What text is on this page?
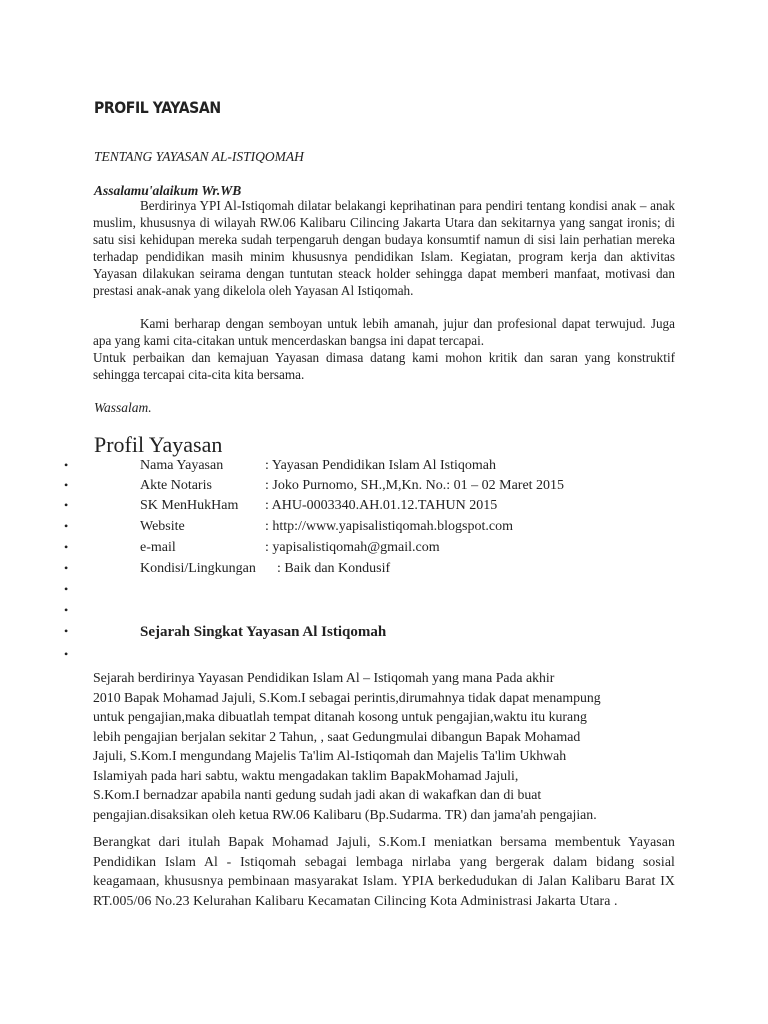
PROFIL YAYASAN
TENTANG YAYASAN AL-ISTIQOMAH
Assalamu'alaikum Wr.WB

Berdirinya YPI Al-Istiqomah dilatar belakangi keprihatinan para pendiri tentang kondisi anak – anak muslim, khususnya di wilayah RW.06 Kalibaru Cilincing Jakarta Utara dan sekitarnya yang sangat ironis; di satu sisi kehidupan mereka sudah terpengaruh dengan budaya konsumtif namun di sisi lain perhatian mereka terhadap pendidikan masih minim khususnya pendidikan Islam. Kegiatan, program kerja dan aktivitas Yayasan dilakukan seirama dengan tuntutan steack holder sehingga dapat memberi manfaat, motivasi dan prestasi anak-anak yang dikelola oleh Yayasan Al Istiqomah.

Kami berharap dengan semboyan untuk lebih amanah, jujur dan profesional dapat terwujud. Juga apa yang kami cita-citakan untuk mencerdaskan bangsa ini dapat tercapai.

Untuk perbaikan dan kemajuan Yayasan dimasa datang kami mohon kritik dan saran yang konstruktif sehingga tercapai cita-cita kita bersama.

Wassalam.
Profil Yayasan
•	Nama Yayasan	: Yayasan Pendidikan Islam Al Istiqomah
•	Akte Notaris	: Joko Purnomo, SH.,M,Kn. No.: 01 – 02 Maret 2015
•	SK MenHukHam : AHU-0003340.AH.01.12.TAHUN 2015
•	Website	: http://www.yapisalistiqomah.blogspot.com
•	e-mail	: yapisalistiqomah@gmail.com
•	Kondisi/Lingkungan : Baik dan Kondusif
•
•
•	Sejarah Singkat Yayasan Al Istiqomah
•
Sejarah berdirinya Yayasan Pendidikan Islam Al – Istiqomah yang mana Pada akhir
2010 Bapak Mohamad Jajuli, S.Kom.I sebagai perintis,dirumahnya tidak dapat menampung
untuk pengajian,maka dibuatlah tempat ditanah kosong untuk pengajian,waktu itu kurang
lebih pengajian berjalan sekitar 2 Tahun, , saat Gedungmulai dibangun Bapak Mohamad
Jajuli, S.Kom.I mengundang Majelis Ta'lim Al-Istiqomah dan Majelis Ta'lim Ukhwah
Islamiyah pada hari sabtu, waktu mengadakan taklim BapakMohamad Jajuli,
S.Kom.I bernadzar apabila nanti gedung sudah jadi akan di wakafkan dan di buat
pengajian.disaksikan oleh ketua RW.06 Kalibaru (Bp.Sudarma. TR) dan jama'ah pengajian.

Berangkat dari itulah Bapak Mohamad Jajuli, S.Kom.I meniatkan bersama membentuk Yayasan Pendidikan Islam Al - Istiqomah sebagai lembaga nirlaba yang bergerak dalam bidang sosial keagamaan, khususnya pembinaan masyarakat Islam. YPIA berkedudukan di Jalan Kalibaru Barat IX RT.005/06 No.23 Kelurahan Kalibaru Kecamatan Cilincing Kota Administrasi Jakarta Utara .
